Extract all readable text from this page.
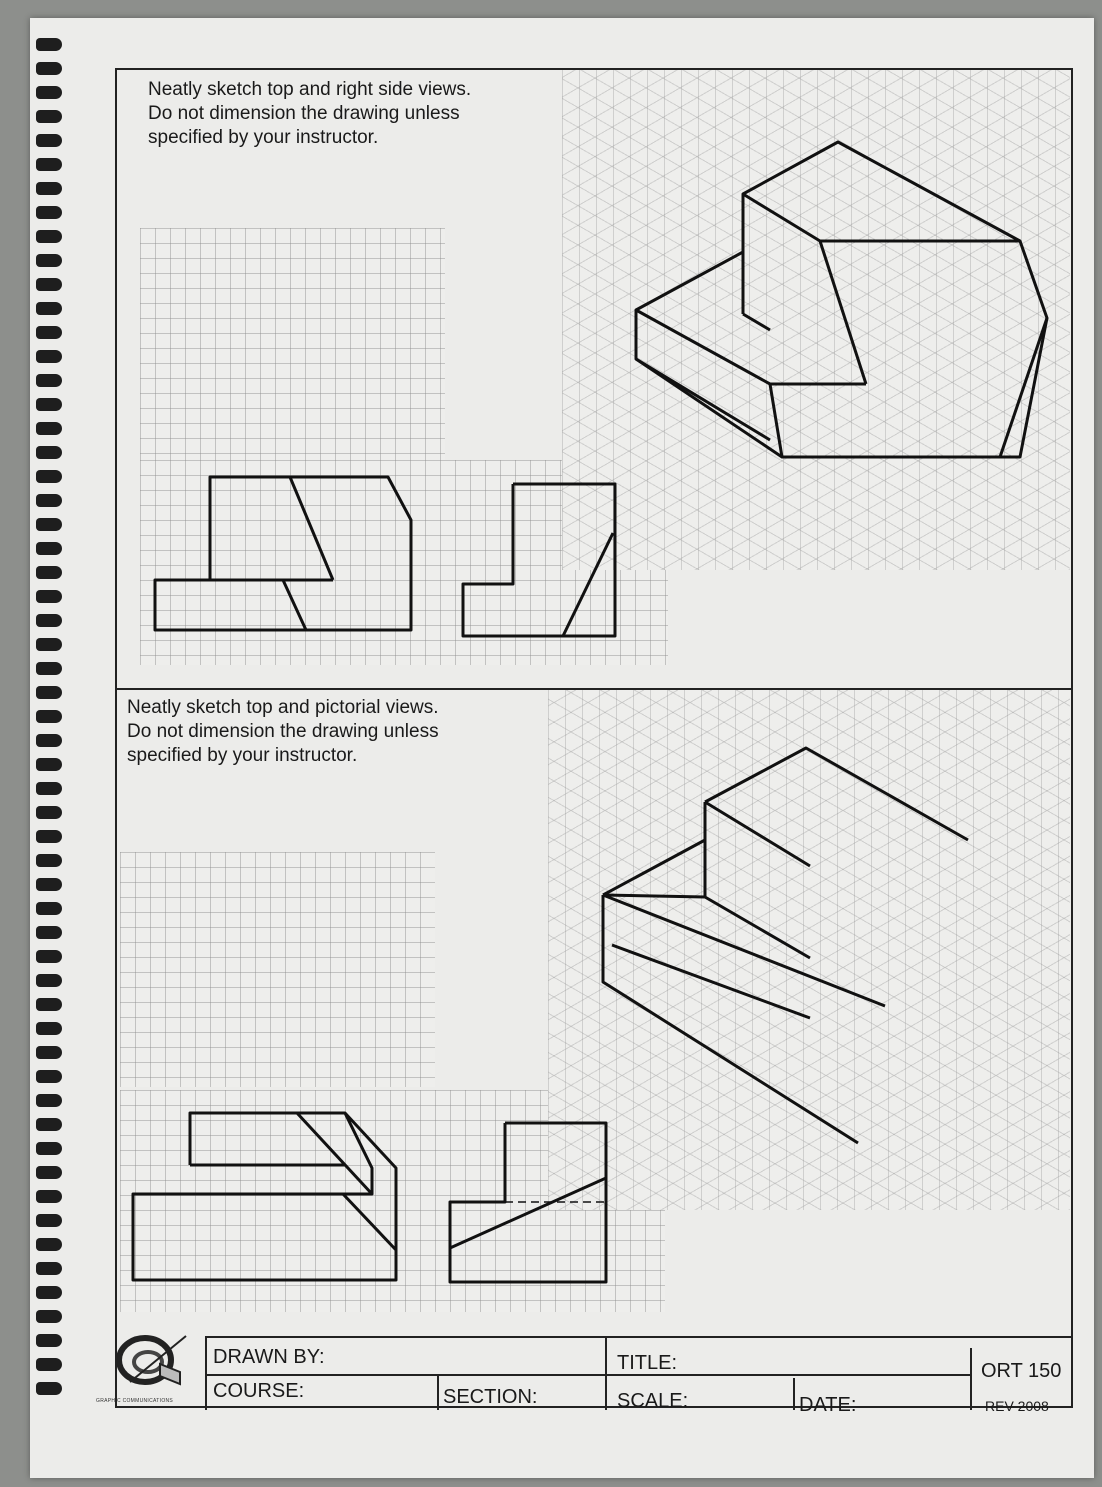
Neatly sketch top and right side views.
Do not dimension the drawing unless
specified by your instructor.
Neatly sketch top and pictorial views.
Do not dimension the drawing unless
specified by your instructor.
GRAPHIC COMMUNICATIONS
DRAWN BY:
COURSE:	SECTION:
TITLE:
SCALE:	DATE:
ORT 150
REV 2008
